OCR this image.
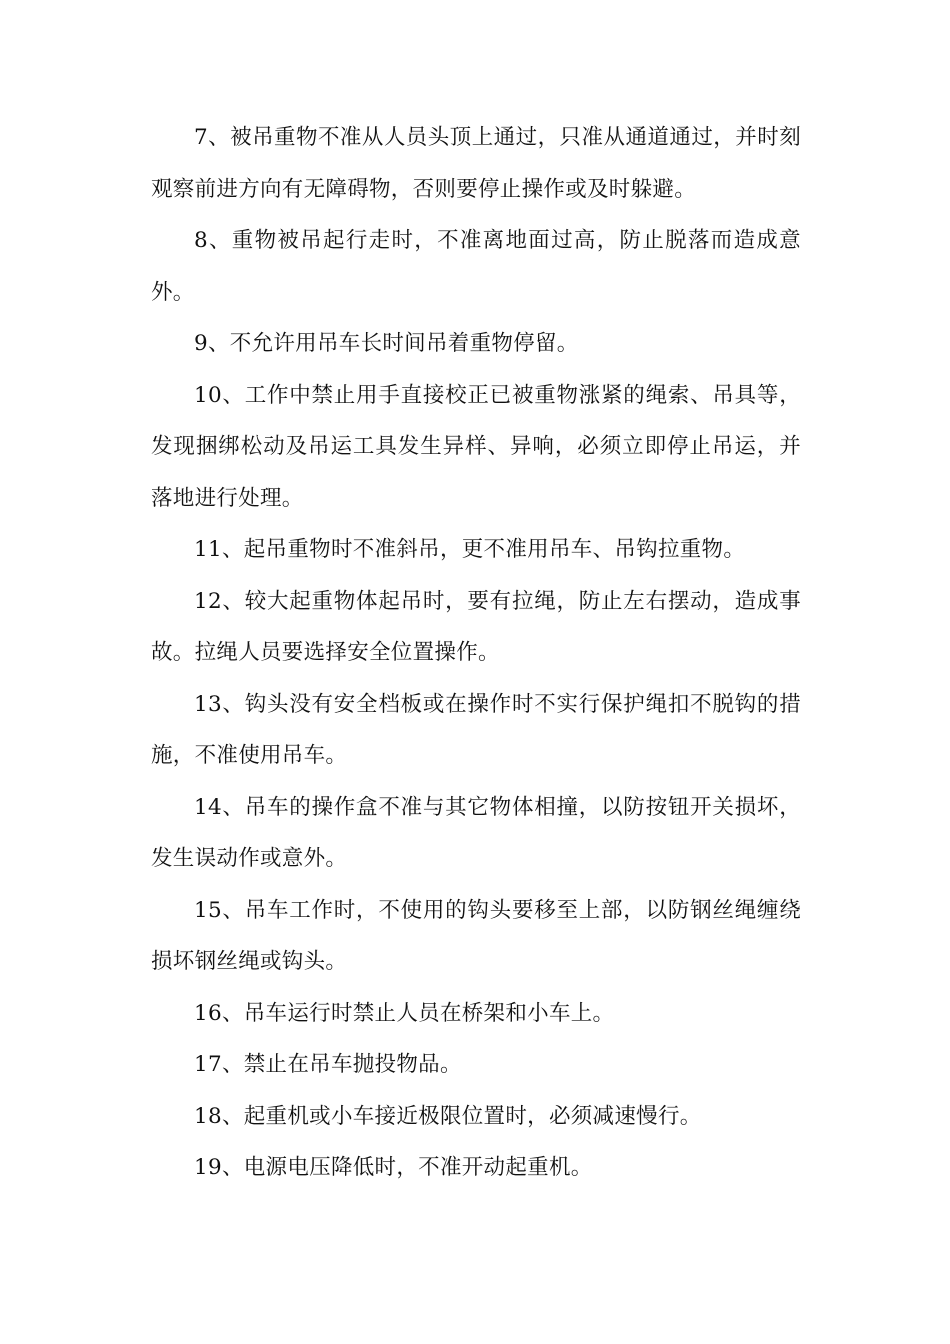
7、被吊重物不准从人员头顶上通过，只准从通道通过，并时刻观察前进方向有无障碍物，否则要停止操作或及时躲避。

8、重物被吊起行走时，不准离地面过高，防止脱落而造成意外。

9、不允许用吊车长时间吊着重物停留。

10、工作中禁止用手直接校正已被重物涨紧的绳索、吊具等，发现捆绑松动及吊运工具发生异样、异响，必须立即停止吊运，并落地进行处理。

11、起吊重物时不准斜吊，更不准用吊车、吊钩拉重物。

12、较大起重物体起吊时，要有拉绳，防止左右摆动，造成事故。拉绳人员要选择安全位置操作。

13、钩头没有安全档板或在操作时不实行保护绳扣不脱钩的措施，不准使用吊车。

14、吊车的操作盒不准与其它物体相撞，以防按钮开关损坏，发生误动作或意外。

15、吊车工作时，不使用的钩头要移至上部，以防钢丝绳缠绕损坏钢丝绳或钩头。

16、吊车运行时禁止人员在桥架和小车上。

17、禁止在吊车抛投物品。

18、起重机或小车接近极限位置时，必须减速慢行。

19、电源电压降低时，不准开动起重机。
